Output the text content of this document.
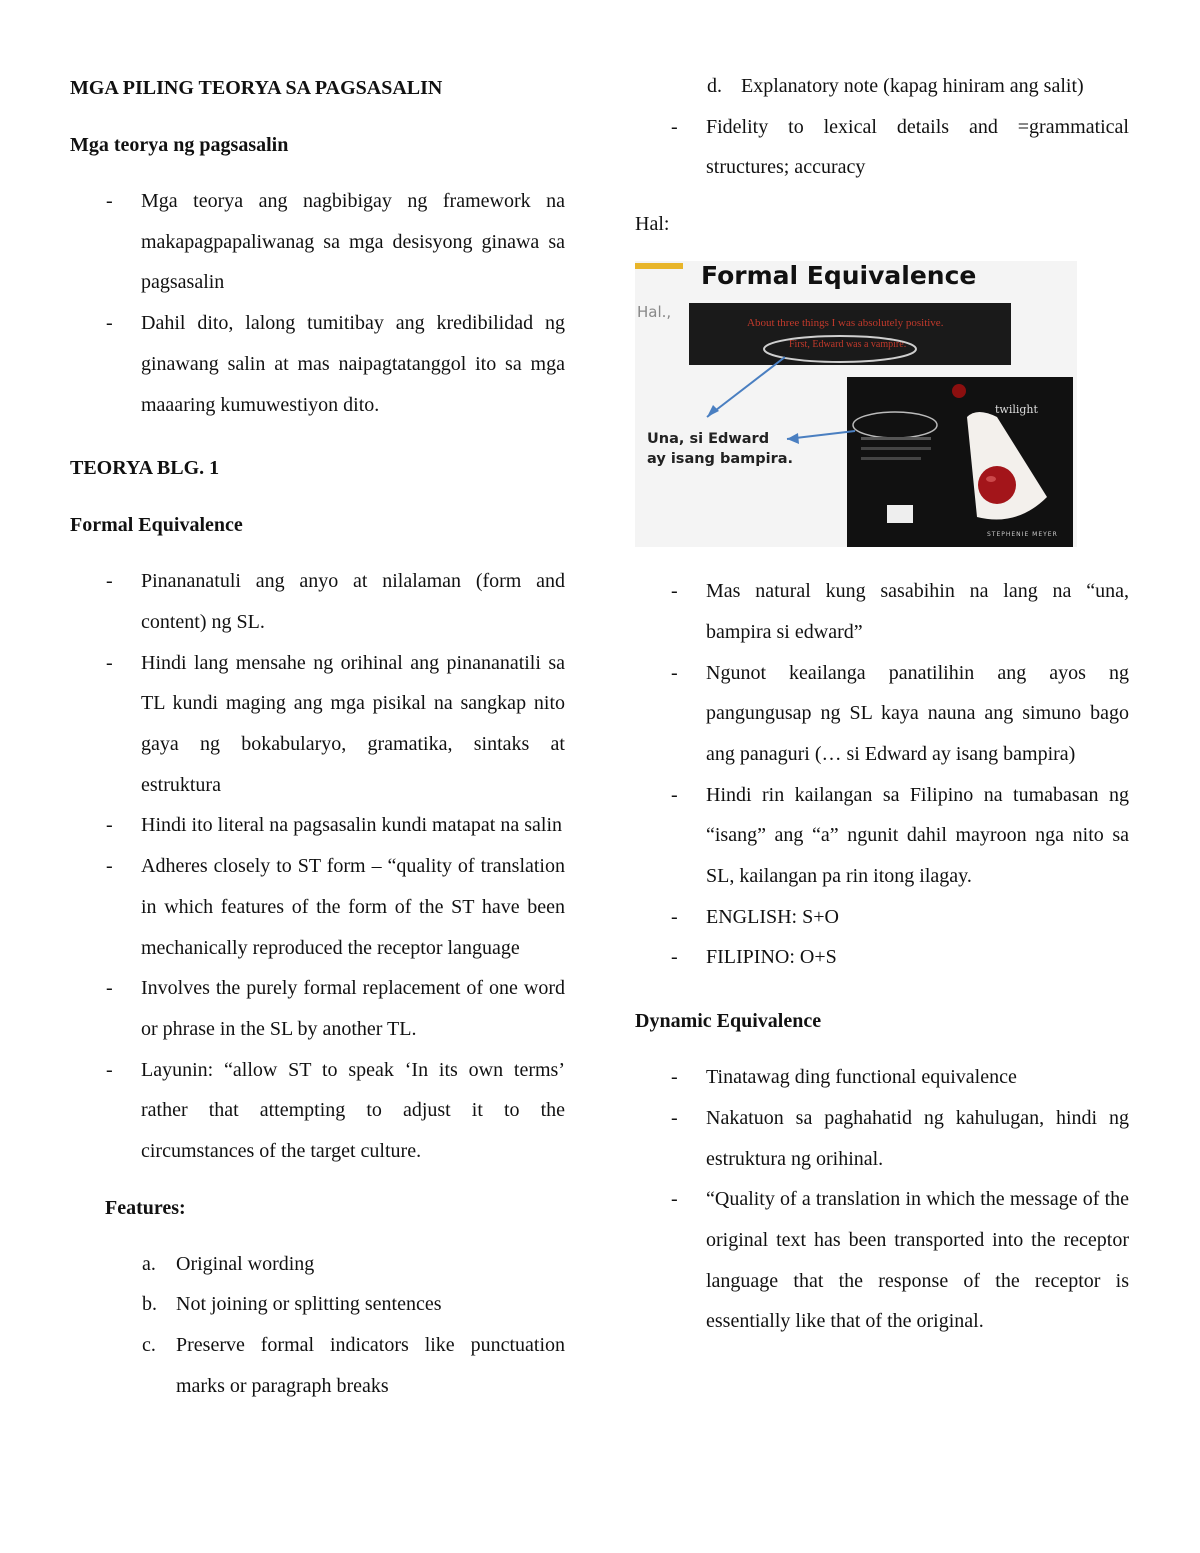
MGA PILING TEORYA SA PAGSASALIN

Mga teorya ng pagsasalin

- Mga teorya ang nagbibigay ng framework na makapagpapaliwanag sa mga desisyong ginawa sa pagsasalin
- Dahil dito, lalong tumitibay ang kredibilidad ng ginawang salin at mas naipagtatanggol ito sa mga maaaring kumuwestiyon dito.

TEORYA BLG. 1

Formal Equivalence

- Pinananatuli ang anyo at nilalaman (form and content) ng SL.
- Hindi lang mensahe ng orihinal ang pinananatili sa TL kundi maging ang mga pisikal na sangkap nito gaya ng bokabularyo, gramatika, sintaks at estruktura
- Hindi ito literal na pagsasalin kundi matapat na salin
- Adheres closely to ST form – “quality of translation in which features of the form of the ST have been mechanically reproduced the receptor language
- Involves the purely formal replacement of one word or phrase in the SL by another TL.
- Layunin: “allow ST to speak ‘In its own terms’ rather that attempting to adjust it to the circumstances of the target culture.

Features:

a. Original wording
b. Not joining or splitting sentences
c. Preserve formal indicators like punctuation marks or paragraph breaks
d. Explanatory note (kapag hiniram ang salit)
- Fidelity to lexical details and =grammatical structures; accuracy

Hal:

Formal Equivalence
Hal.,
About three things I was absolutely positive.
First, Edward was a vampire.
twilight
STEPHENIE MEYER
Una, si Edward
ay isang bampira.
- Mas natural kung sasabihin na lang na “una, bampira si edward”
- Ngunot keailanga panatilihin ang ayos ng pangungusap ng SL kaya nauna ang simuno bago ang panaguri (… si Edward ay isang bampira)
- Hindi rin kailangan sa Filipino na tumabasan ng “isang” ang “a” ngunit dahil mayroon nga nito sa SL, kailangan pa rin itong ilagay.
- ENGLISH: S+O
- FILIPINO: O+S

Dynamic Equivalence

- Tinatawag ding functional equivalence
- Nakatuon sa paghahatid ng kahulugan, hindi ng estruktura ng orihinal.
- “Quality of a translation in which the message of the original text has been transported into the receptor language that the response of the receptor is essentially like that of the original.
